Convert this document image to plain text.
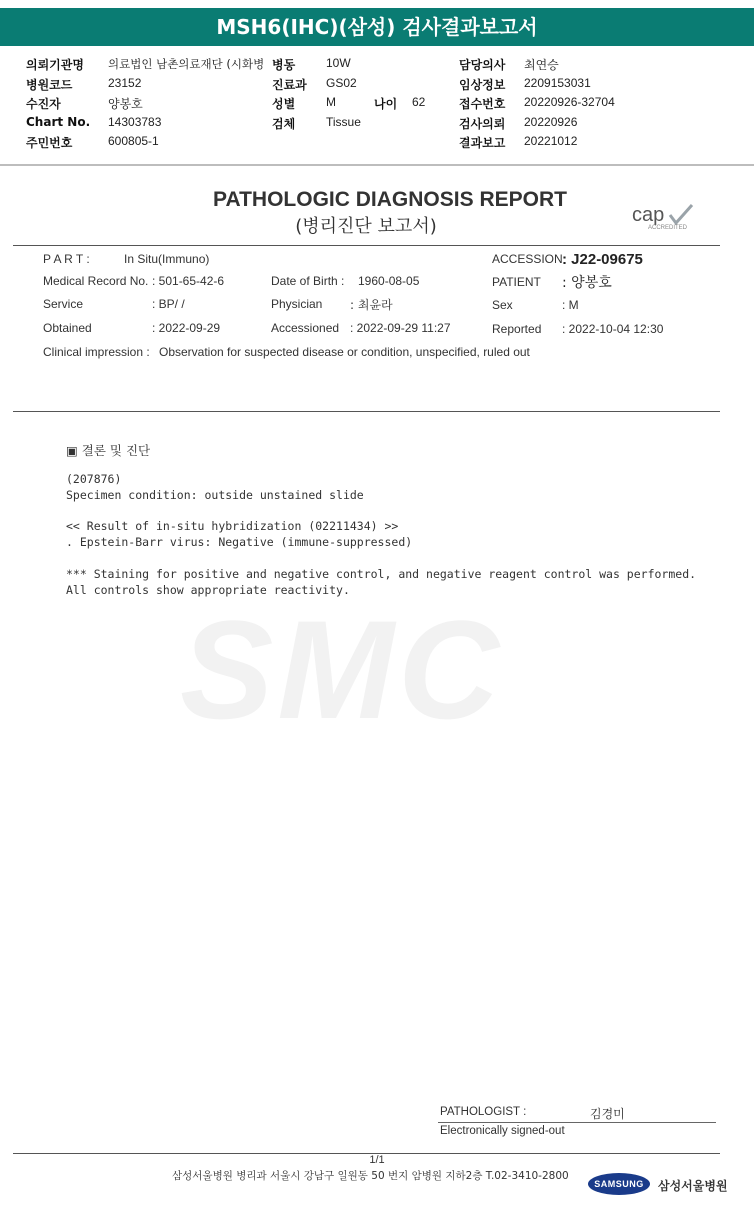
MSH6(IHC)(삼성) 검사결과보고서
의뢰기관명 의료법인 남촌의료재단 (시화병 병동	10W	담당의사 최연승
병원코드	23152	진료과 GS02	임상정보 2209153031
수진자	양봉호	성별	M	나이 62	접수번호 20220926-32704
Chart No. 14303783	검체	Tissue	검사의뢰 20220926
주민번호	600805-1	결과보고 20221012
PATHOLOGIC DIAGNOSIS REPORT
(병리진단 보고서)
cap
ACCREDITED
P A R T :	In Situ(Immuno)	ACCESSION : J22-09675
Medical Record No. : 501-65-42-6	Date of Birth : 1960-08-05	PATIENT : 양봉호
Service	: BP/ /	Physician : 최윤라	Sex	: M
Obtained	: 2022-09-29	Accessioned : 2022-09-29 11:27	Reported : 2022-10-04 12:30
Clinical impression : Observation for suspected disease or condition, unspecified, ruled out
SMC
▣ 결론 및 진단
(207876)
Specimen condition: outside unstained slide
<< Result of in-situ hybridization (02211434) >>
. Epstein-Barr virus: Negative (immune-suppressed)
*** Staining for positive and negative control, and negative reagent control was performed.
All controls show appropriate reactivity.
PATHOLOGIST :	김경미
Electronically signed-out
1/1
삼성서울병원 병리과 서울시 강남구 일원동 50 번지 암병원 지하2층 T.02-3410-2800
SAMSUNG	삼성서울병원
